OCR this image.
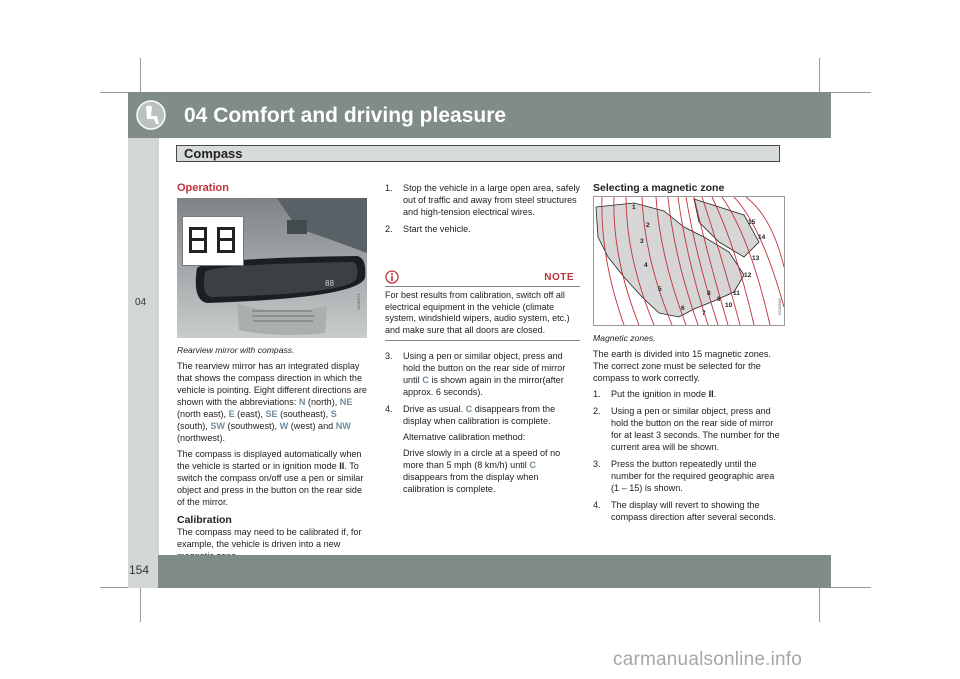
04 Comfort and driving pleasure
Compass
04

Operation

88
G031671

Rearview mirror with compass.

The rearview mirror has an integrated display that shows the compass direction in which the vehicle is pointing. Eight different directions are shown with the abbreviations: N (north), NE (north east), E (east), SE (southeast), S (south), SW (southwest), W (west) and NW (northwest).

The compass is displayed automatically when the vehicle is started or in ignition mode II. To switch the compass on/off use a pen or similar object and press in the button on the rear side of the mirror.

Calibration

The compass may need to be calibrated if, for example, the vehicle is driven into a new

1. Stop the vehicle in a large open area, safely out of traffic and away from steel structures and high-tension electrical wires.
2. Start the vehicle.
NOTE
For best results from calibration, switch off all electrical equipment in the vehicle (climate system, windshield wipers, audio system, etc.) and make sure that all doors are closed.
3. Using a pen or similar object, press and hold the button on the rear side of mirror until C is shown again in the mirror(after approx. 6 seconds).
4. Drive as usual. C disappears from the display when calibration is complete.
Alternative calibration method:
Drive slowly in a circle at a speed of no more than 5 mph (8 km/h) until C disappears from the display when calibration is complete.

Selecting a magnetic zone

1
2
3
4
5
6
7
8
9
10
11
12
13
14
15
G030580

Magnetic zones.

The earth is divided into 15 magnetic zones. The correct zone must be selected for the compass to work correctly.

1. Put the ignition in mode II.
2. Using a pen or similar object, press and hold the button on the rear side of mirror for at least 3 seconds. The number for the current area will be shown.
3. Press the button repeatedly until the number for the required geographic area (1 – 15) is shown.
4. The display will revert to showing the compass direction after several seconds.
154
carmanualsonline.info
